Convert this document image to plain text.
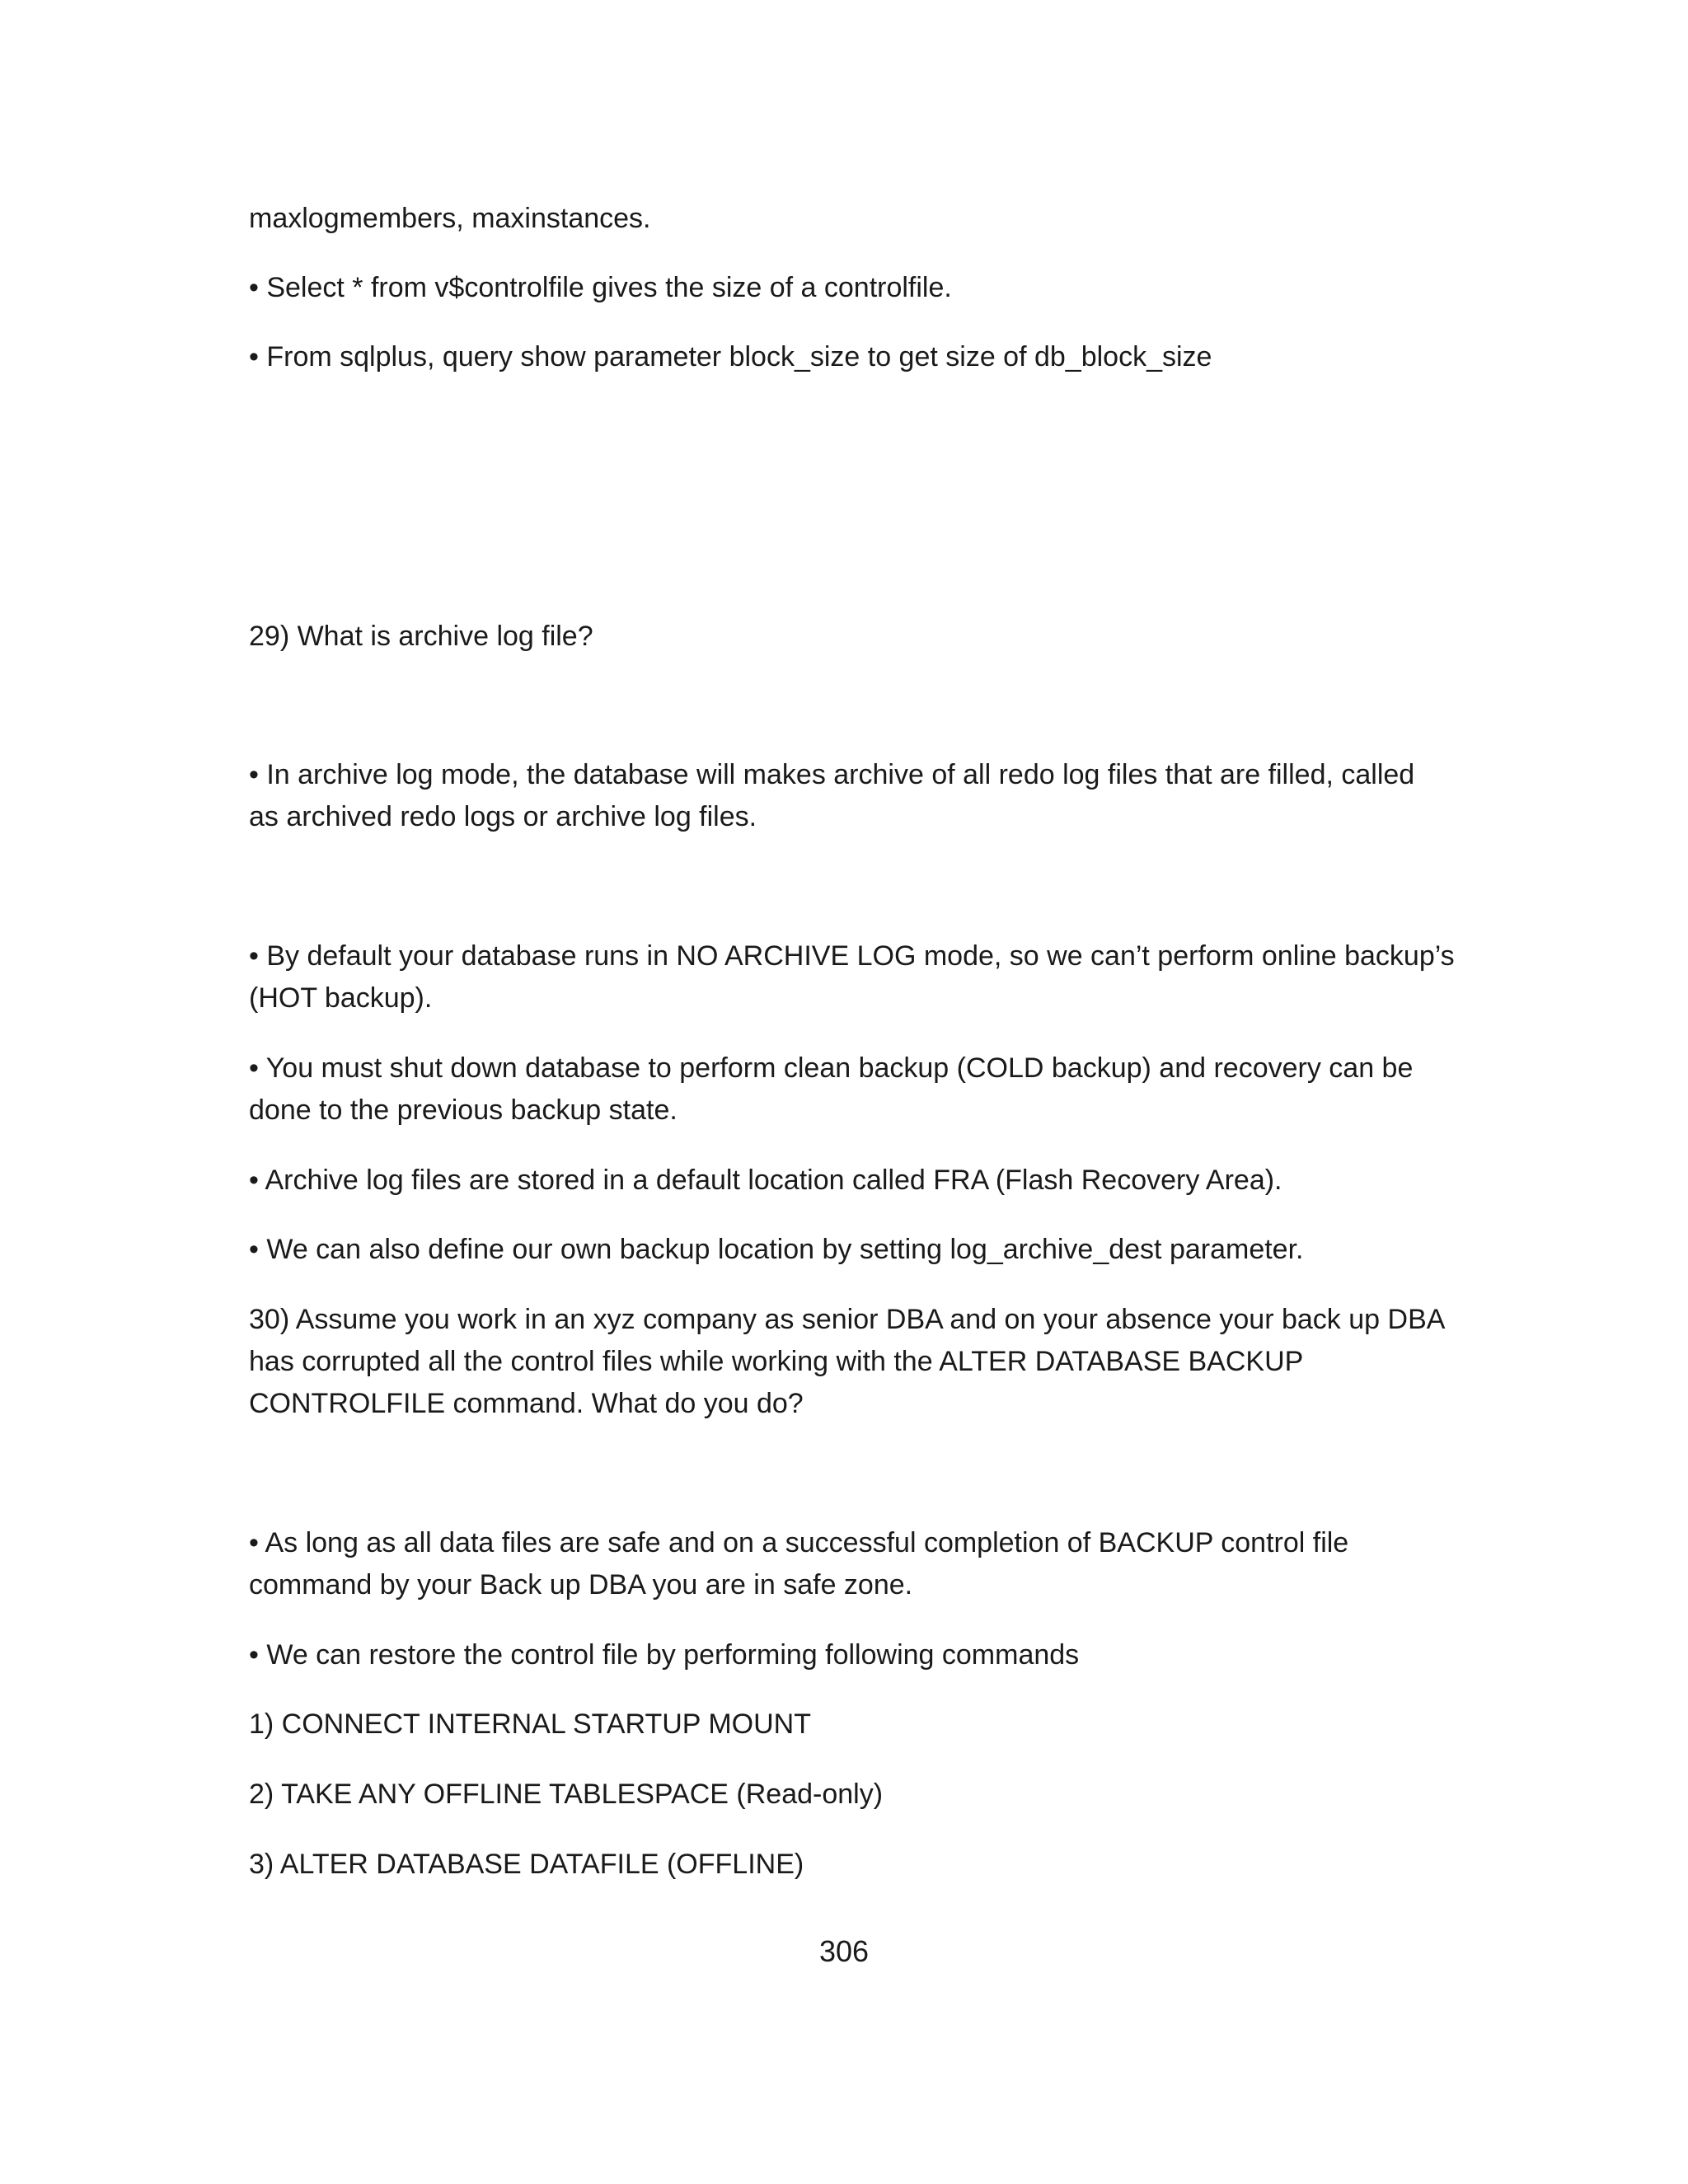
maxlogmembers, maxinstances.
• Select * from v$controlfile gives the size of a controlfile.
• From sqlplus, query show parameter block_size to get size of db_block_size
29) What is archive log file?
• In archive log mode, the database will makes archive of all redo log files that are filled, called
as archived redo logs or archive log files.
• By default your database runs in NO ARCHIVE LOG mode, so we can’t perform online backup’s
(HOT backup).
• You must shut down database to perform clean backup (COLD backup) and recovery can be
done to the previous backup state.
• Archive log files are stored in a default location called FRA (Flash Recovery Area).
• We can also define our own backup location by setting log_archive_dest parameter.
30) Assume you work in an xyz company as senior DBA and on your absence your back up DBA
has corrupted all the control files while working with the ALTER DATABASE BACKUP
CONTROLFILE command. What do you do?
• As long as all data files are safe and on a successful completion of BACKUP control file
command by your Back up DBA you are in safe zone.
• We can restore the control file by performing following commands
1) CONNECT INTERNAL STARTUP MOUNT
2) TAKE ANY OFFLINE TABLESPACE (Read-only)
3) ALTER DATABASE DATAFILE (OFFLINE)
306
